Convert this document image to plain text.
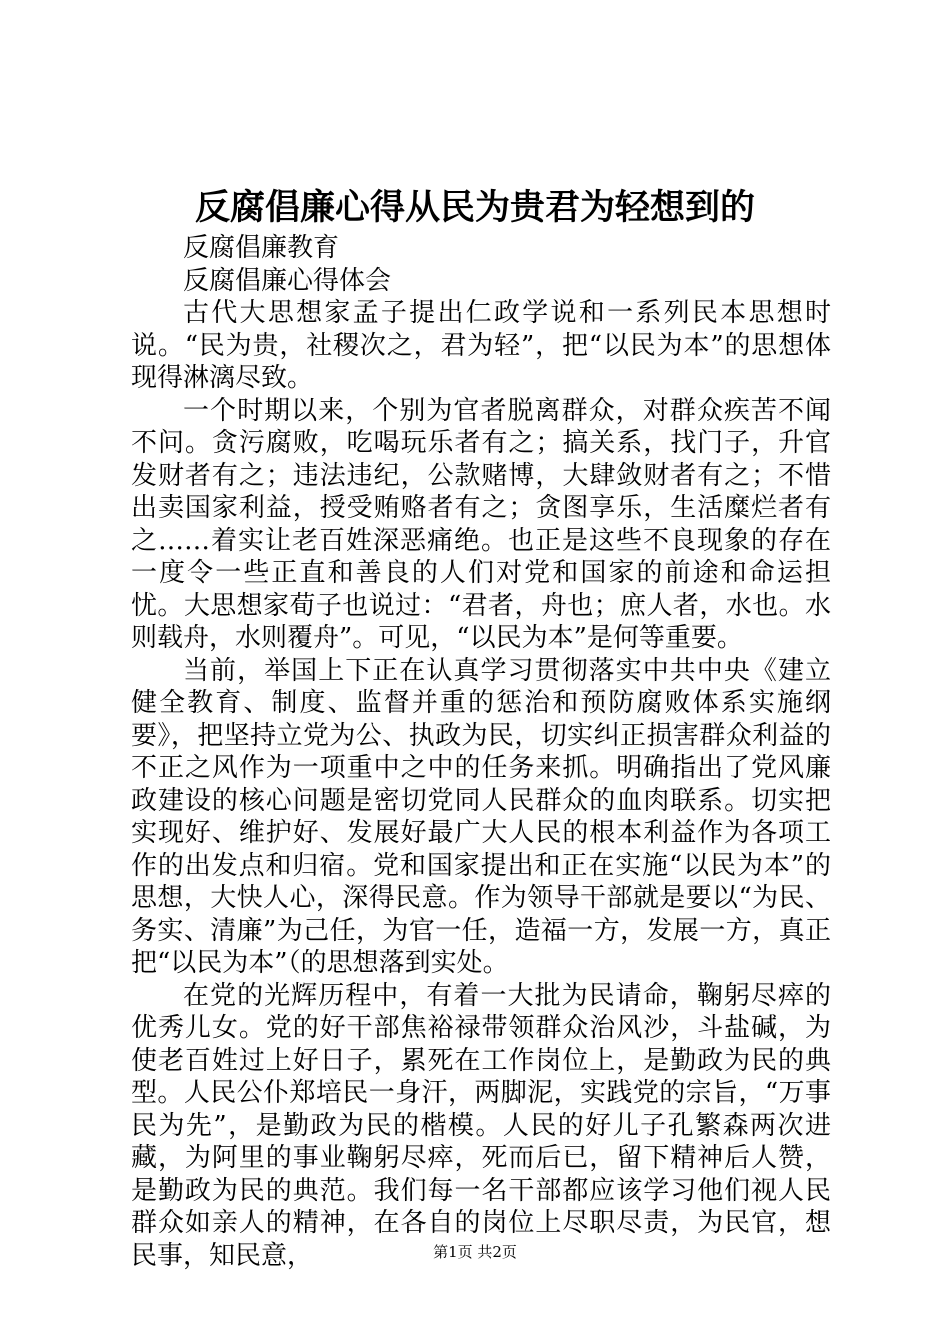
反腐倡廉心得从民为贵君为轻想到的

反腐倡廉教育

反腐倡廉心得体会

古代大思想家孟子提出仁政学说和一系列民本思想时说。“民为贵，社稷次之，君为轻”，把“以民为本”的思想体现得淋漓尽致。

一个时期以来，个别为官者脱离群众，对群众疾苦不闻不问。贪污腐败，吃喝玩乐者有之；搞关系，找门子，升官发财者有之；违法违纪，公款赌博，大肆敛财者有之；不惜出卖国家利益，授受贿赂者有之；贪图享乐，生活糜烂者有之……着实让老百姓深恶痛绝。也正是这些不良现象的存在一度令一些正直和善良的人们对党和国家的前途和命运担忧。大思想家荀子也说过：“君者，舟也；庶人者，水也。水则载舟，水则覆舟”。可见，“以民为本”是何等重要。

当前，举国上下正在认真学习贯彻落实中共中央《建立健全教育、制度、监督并重的惩治和预防腐败体系实施纲要》，把坚持立党为公、执政为民，切实纠正损害群众利益的不正之风作为一项重中之中的任务来抓。明确指出了党风廉政建设的核心问题是密切党同人民群众的血肉联系。切实把实现好、维护好、发展好最广大人民的根本利益作为各项工作的出发点和归宿。党和国家提出和正在实施“以民为本”的思想，大快人心，深得民意。作为领导干部就是要以“为民、务实、清廉”为己任，为官一任，造福一方，发展一方，真正把“以民为本”（的思想落到实处。

在党的光辉历程中，有着一大批为民请命，鞠躬尽瘁的优秀儿女。党的好干部焦裕禄带领群众治风沙，斗盐碱，为使老百姓过上好日子，累死在工作岗位上，是勤政为民的典型。人民公仆郑培民一身汗，两脚泥，实践党的宗旨，“万事民为先”，是勤政为民的楷模。人民的好儿子孔繁森两次进藏，为阿里的事业鞠躬尽瘁，死而后已，留下精神后人赞，是勤政为民的典范。我们每一名干部都应该学习他们视人民群众如亲人的精神，在各自的岗位上尽职尽责，为民官，想民事，知民意，	第1页 共2页
